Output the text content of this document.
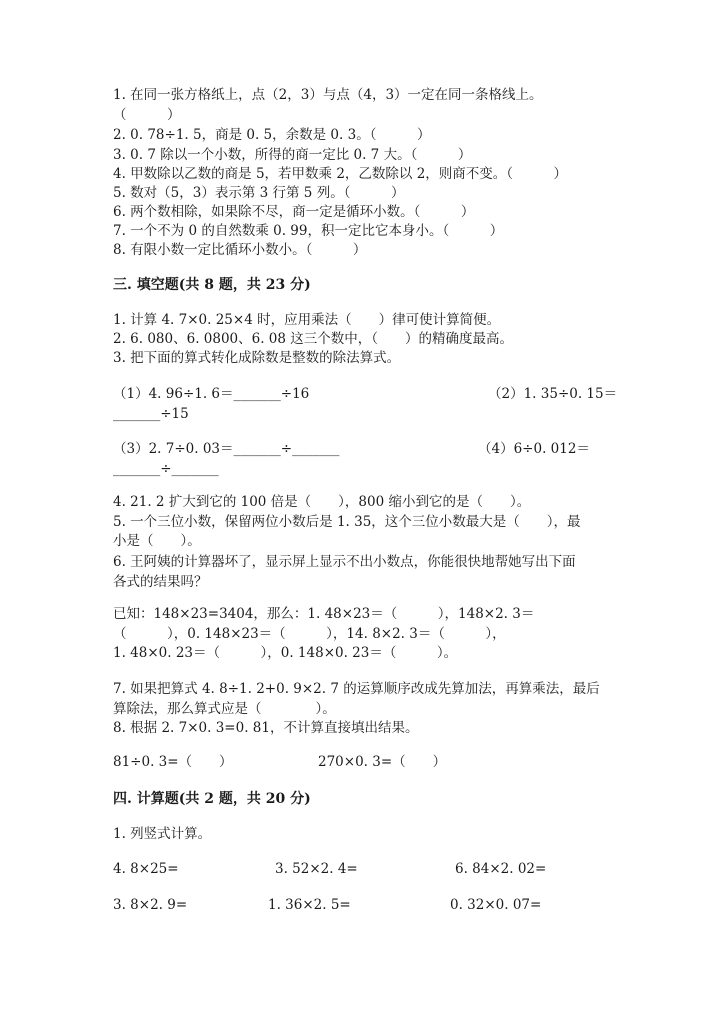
1. 在同一张方格纸上，点（2，3）与点（4，3）一定在同一条格线上。
（　　　）
2. 0. 78÷1. 5，商是 0. 5，余数是 0. 3。（　　　）
3. 0. 7 除以一个小数，所得的商一定比 0. 7 大。（　　　）
4. 甲数除以乙数的商是 5，若甲数乘 2，乙数除以 2，则商不变。（　　　）
5. 数对（5，3）表示第 3 行第 5 列。（　　　）
6. 两个数相除，如果除不尽，商一定是循环小数。（　　　）
7. 一个不为 0 的自然数乘 0. 99，积一定比它本身小。（　　　）
8. 有限小数一定比循环小数小。（　　　）
三. 填空题(共 8 题，共 23 分)
1. 计算 4. 7×0. 25×4 时，应用乘法（　　）律可使计算简便。
2. 6. 080、6. 0800、6. 08 这三个数中，（　　）的精确度最高。
3. 把下面的算式转化成除数是整数的除法算式。
（1）4. 96÷1. 6＝_______÷16	（2）1. 35÷0. 15＝
_______÷15
（3）2. 7÷0. 03＝_______÷_______	（4）6÷0. 012＝
_______÷_______
4. 21. 2 扩大到它的 100 倍是（　　），800 缩小到它的是（　　）。
5. 一个三位小数，保留两位小数后是 1. 35，这个三位小数最大是（　　），最
小是（　　）。
6. 王阿姨的计算器坏了，显示屏上显示不出小数点，你能很快地帮她写出下面
各式的结果吗？
已知：148×23=3404，那么：1. 48×23＝（　　　），148×2. 3＝
（　　　），0. 148×23＝（　　　），14. 8×2. 3＝（　　　），
1. 48×0. 23＝（　　　），0. 148×0. 23＝（　　　）。
7. 如果把算式 4. 8÷1. 2+0. 9×2. 7 的运算顺序改成先算加法，再算乘法，最后
算除法，那么算式应是（　　　　）。
8. 根据 2. 7×0. 3=0. 81，不计算直接填出结果。
81÷0. 3=（　　）	270×0. 3=（　　）
四. 计算题(共 2 题，共 20 分)
1. 列竖式计算。
4. 8×25=	3. 52×2. 4=	6. 84×2. 02=
3. 8×2. 9=	1. 36×2. 5=	0. 32×0. 07=
